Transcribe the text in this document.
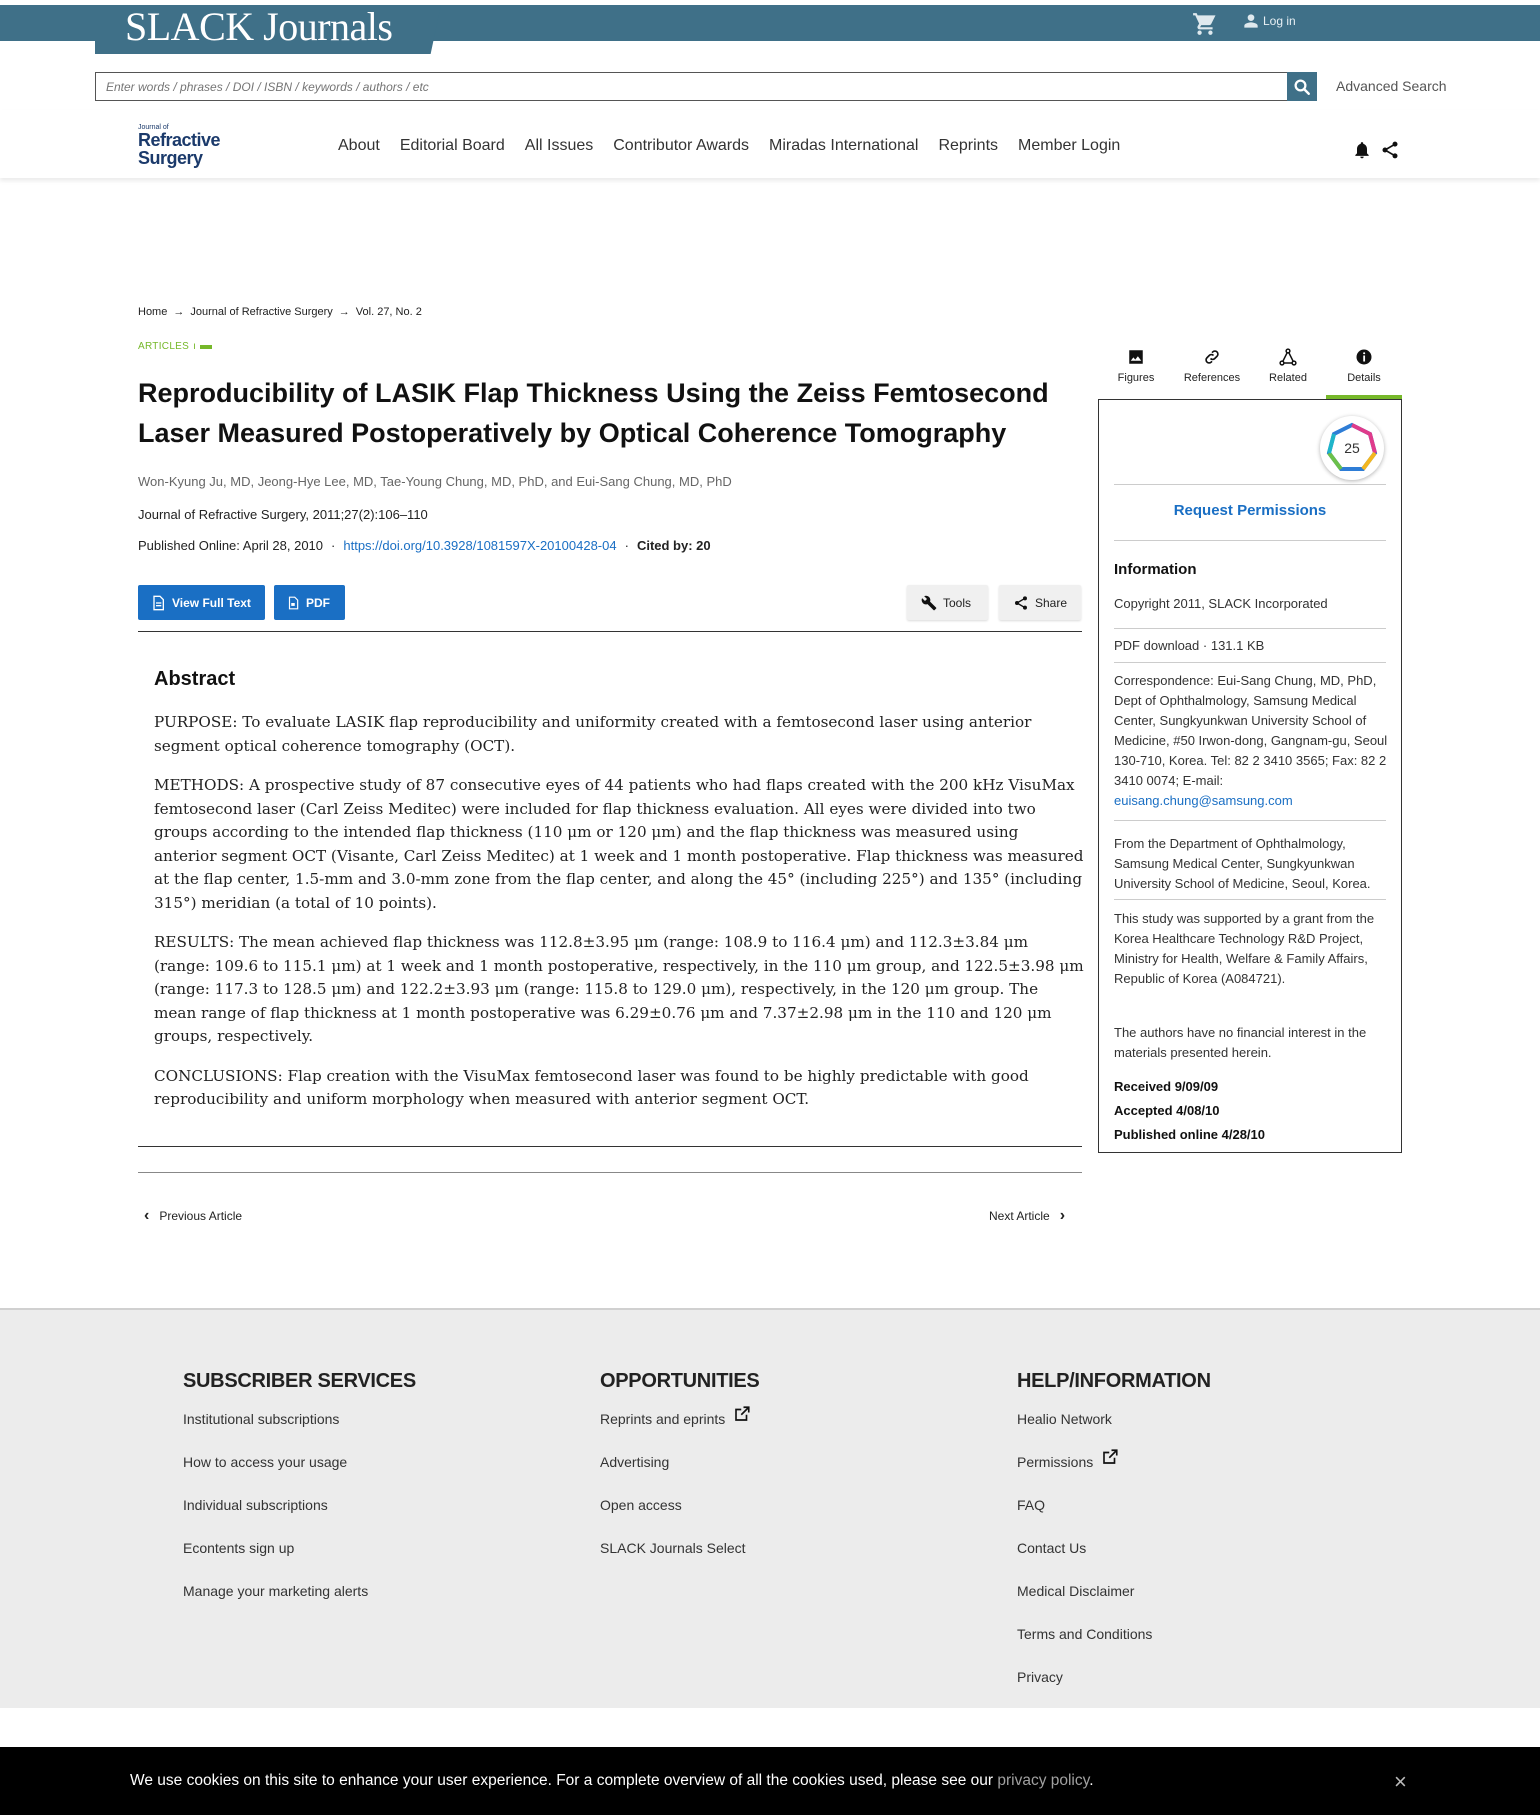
SLACK Journals	Log in
Enter words / phrases / DOI / ISBN / keywords / authors / etc
Advanced Search
Journal of
Refractive
Surgery
About Editorial Board All Issues Contributor Awards Miradas International Reprints Member Login
Home → Journal of Refractive Surgery → Vol. 27, No. 2
ARTICLES ı
Reproducibility of LASIK Flap Thickness Using the Zeiss Femtosecond Laser Measured Postoperatively by Optical Coherence Tomography
Won-Kyung Ju, MD, Jeong-Hye Lee, MD, Tae-Young Chung, MD, PhD, and Eui-Sang Chung, MD, PhD
Journal of Refractive Surgery, 2011;27(2):106–110
Published Online: April 28, 2010 · https://doi.org/10.3928/1081597X-20100428-04 · Cited by: 20
View Full Text	PDF	Tools	Share
Abstract

PURPOSE: To evaluate LASIK flap reproducibility and uniformity created with a femtosecond laser using anterior segment optical coherence tomography (OCT).

METHODS: A prospective study of 87 consecutive eyes of 44 patients who had flaps created with the 200 kHz VisuMax femtosecond laser (Carl Zeiss Meditec) were included for flap thickness evaluation. All eyes were divided into two groups according to the intended flap thickness (110 μm or 120 μm) and the flap thickness was measured using anterior segment OCT (Visante, Carl Zeiss Meditec) at 1 week and 1 month postoperative. Flap thickness was measured at the flap center, 1.5-mm and 3.0-mm zone from the flap center, and along the 45° (including 225°) and 135° (including 315°) meridian (a total of 10 points).

RESULTS: The mean achieved flap thickness was 112.8±3.95 μm (range: 108.9 to 116.4 μm) and 112.3±3.84 μm (range: 109.6 to 115.1 μm) at 1 week and 1 month postoperative, respectively, in the 110 μm group, and 122.5±3.98 μm (range: 117.3 to 128.5 μm) and 122.2±3.93 μm (range: 115.8 to 129.0 μm), respectively, in the 120 μm group. The mean range of flap thickness at 1 month postoperative was 6.29±0.76 μm and 7.37±2.98 μm in the 110 and 120 μm groups, respectively.

CONCLUSIONS: Flap creation with the VisuMax femtosecond laser was found to be highly predictable with good reproducibility and uniform morphology when measured with anterior segment OCT.

‹ Previous Article	Next Article ›
Figures	References	Related	Details
25
Request Permissions
Information
Copyright 2011, SLACK Incorporated
PDF download · 131.1 KB
Correspondence: Eui-Sang Chung, MD, PhD, Dept of Ophthalmology, Samsung Medical Center, Sungkyunkwan University School of Medicine, #50 Irwon-dong, Gangnam-gu, Seoul 130-710, Korea. Tel: 82 2 3410 3565; Fax: 82 2 3410 0074; E-mail: euisang.chung@samsung.com
From the Department of Ophthalmology, Samsung Medical Center, Sungkyunkwan University School of Medicine, Seoul, Korea.
This study was supported by a grant from the Korea Healthcare Technology R&D Project, Ministry for Health, Welfare & Family Affairs, Republic of Korea (A084721).
The authors have no financial interest in the materials presented herein.
Received 9/09/09
Accepted 4/08/10
Published online 4/28/10
SUBSCRIBER SERVICES
Institutional subscriptions
How to access your usage
Individual subscriptions
Econtents sign up
Manage your marketing alerts
OPPORTUNITIES
Reprints and eprints
Advertising
Open access
SLACK Journals Select
HELP/INFORMATION
Healio Network
Permissions
FAQ
Contact Us
Medical Disclaimer
Terms and Conditions
Privacy
We use cookies on this site to enhance your user experience. For a complete overview of all the cookies used, please see our privacy policy.	×
